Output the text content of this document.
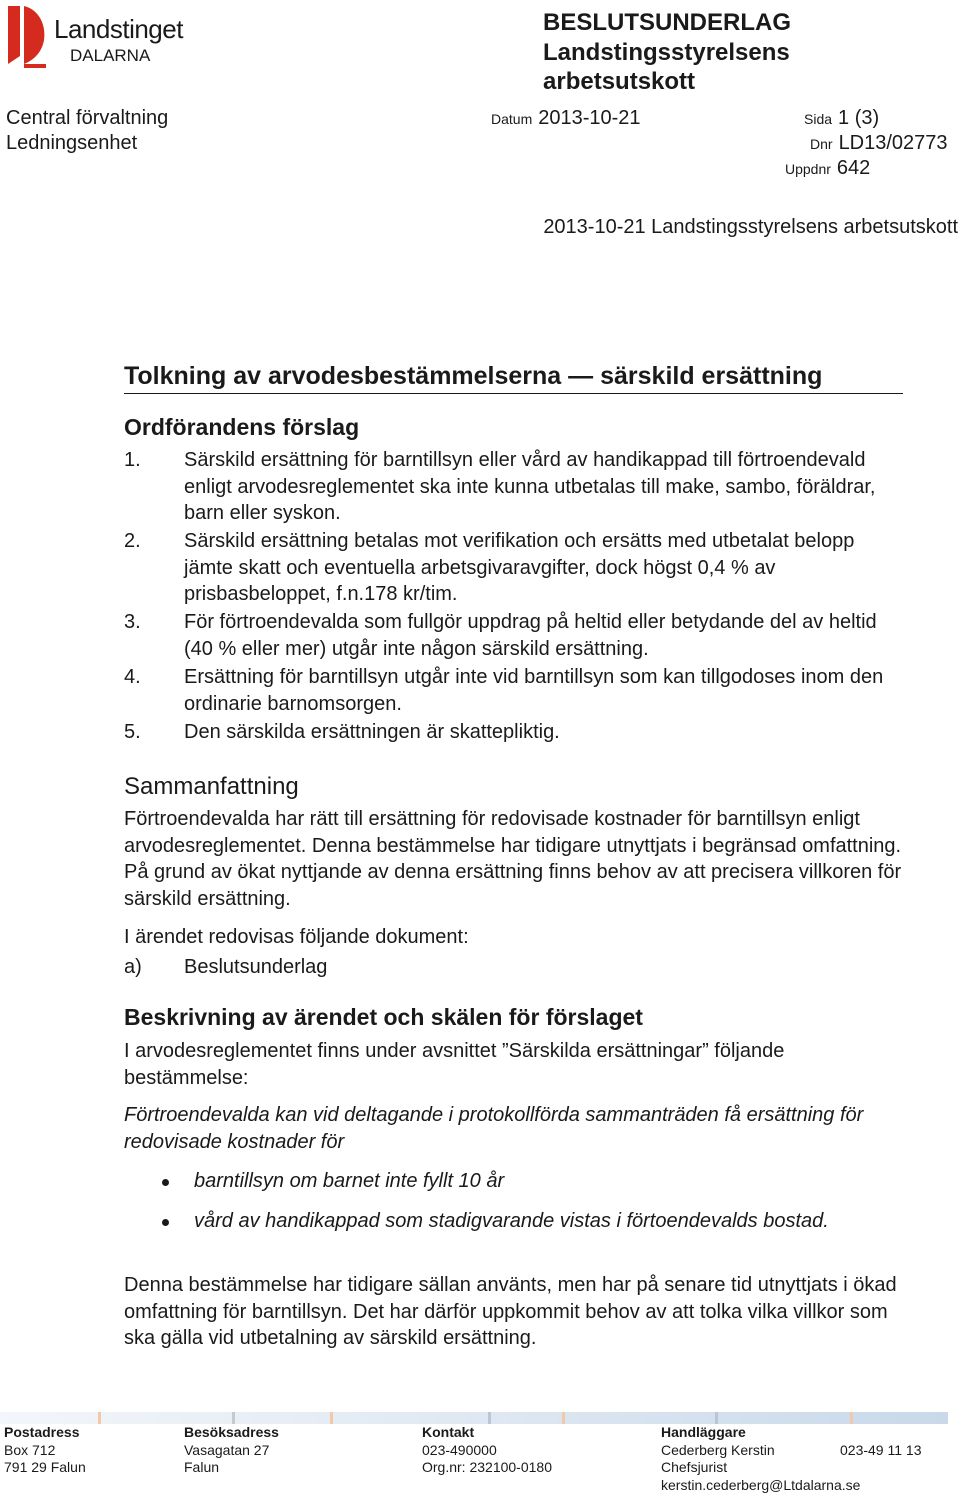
Landstinget
DALARNA
BESLUTSUNDERLAG
Landstingsstyrelsens arbetsutskott
Central förvaltning
Ledningsenhet
Datum 2013-10-21	Sida 1 (3)
Dnr LD13/02773
Uppdnr 642
2013-10-21 Landstingsstyrelsens arbetsutskott
Tolkning av arvodesbestämmelserna — särskild ersättning
Ordförandens förslag
1. Särskild ersättning för barntillsyn eller vård av handikappad till förtroendevald enligt arvodesreglementet ska inte kunna utbetalas till make, sambo, föräldrar, barn eller syskon.
2. Särskild ersättning betalas mot verifikation och ersätts med utbetalat belopp jämte skatt och eventuella arbetsgivaravgifter, dock högst 0,4 % av prisbasbeloppet, f.n.178 kr/tim.
3. För förtroendevalda som fullgör uppdrag på heltid eller betydande del av heltid (40 % eller mer) utgår inte någon särskild ersättning.
4. Ersättning för barntillsyn utgår inte vid barntillsyn som kan tillgodoses inom den ordinarie barnomsorgen.
5. Den särskilda ersättningen är skattepliktig.
Sammanfattning
Förtroendevalda har rätt till ersättning för redovisade kostnader för barntillsyn enligt arvodesreglementet. Denna bestämmelse har tidigare utnyttjats i begränsad omfattning. På grund av ökat nyttjande av denna ersättning finns behov av att precisera villkoren för särskild ersättning.
I ärendet redovisas följande dokument:
a) Beslutsunderlag
Beskrivning av ärendet och skälen för förslaget
I arvodesreglementet finns under avsnittet ”Särskilda ersättningar” följande bestämmelse:
Förtroendevalda kan vid deltagande i protokollförda sammanträden få ersättning för redovisade kostnader för
barntillsyn om barnet inte fyllt 10 år
vård av handikappad som stadigvarande vistas i förtoendevalds bostad.
Denna bestämmelse har tidigare sällan använts, men har på senare tid utnyttjats i ökad omfattning för barntillsyn. Det har därför uppkommit behov av att tolka vilka villkor som ska gälla vid utbetalning av särskild ersättning.
Postadress
Box 712
791 29 Falun
Besöksadress
Vasagatan 27
Falun
Kontakt
023-490000
Org.nr: 232100-0180
Handläggare
Cederberg Kerstin
Chefsjurist
kerstin.cederberg@Ltdalarna.se
023-49 11 13
